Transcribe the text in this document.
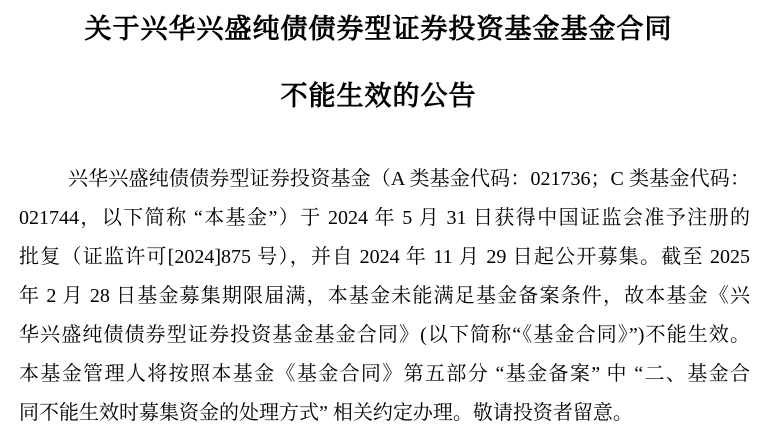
关于兴华兴盛纯债债券型证券投资基金基金合同
不能生效的公告
兴华兴盛纯债债券型证券投资基金（A 类基金代码：021736；C 类基金代码：
021744，以下简称 “本基金”）于 2024 年 5 月 31 日获得中国证监会准予注册的
批复（证监许可[2024]875 号），并自 2024 年 11 月 29 日起公开募集。截至 2025
年 2 月 28 日基金募集期限届满，本基金未能满足基金备案条件，故本基金《兴
华兴盛纯债债券型证券投资基金基金合同》(以下简称“《基金合同》”)不能生效。
本基金管理人将按照本基金《基金合同》第五部分 “基金备案” 中 “二、基金合
同不能生效时募集资金的处理方式” 相关约定办理。敬请投资者留意。
